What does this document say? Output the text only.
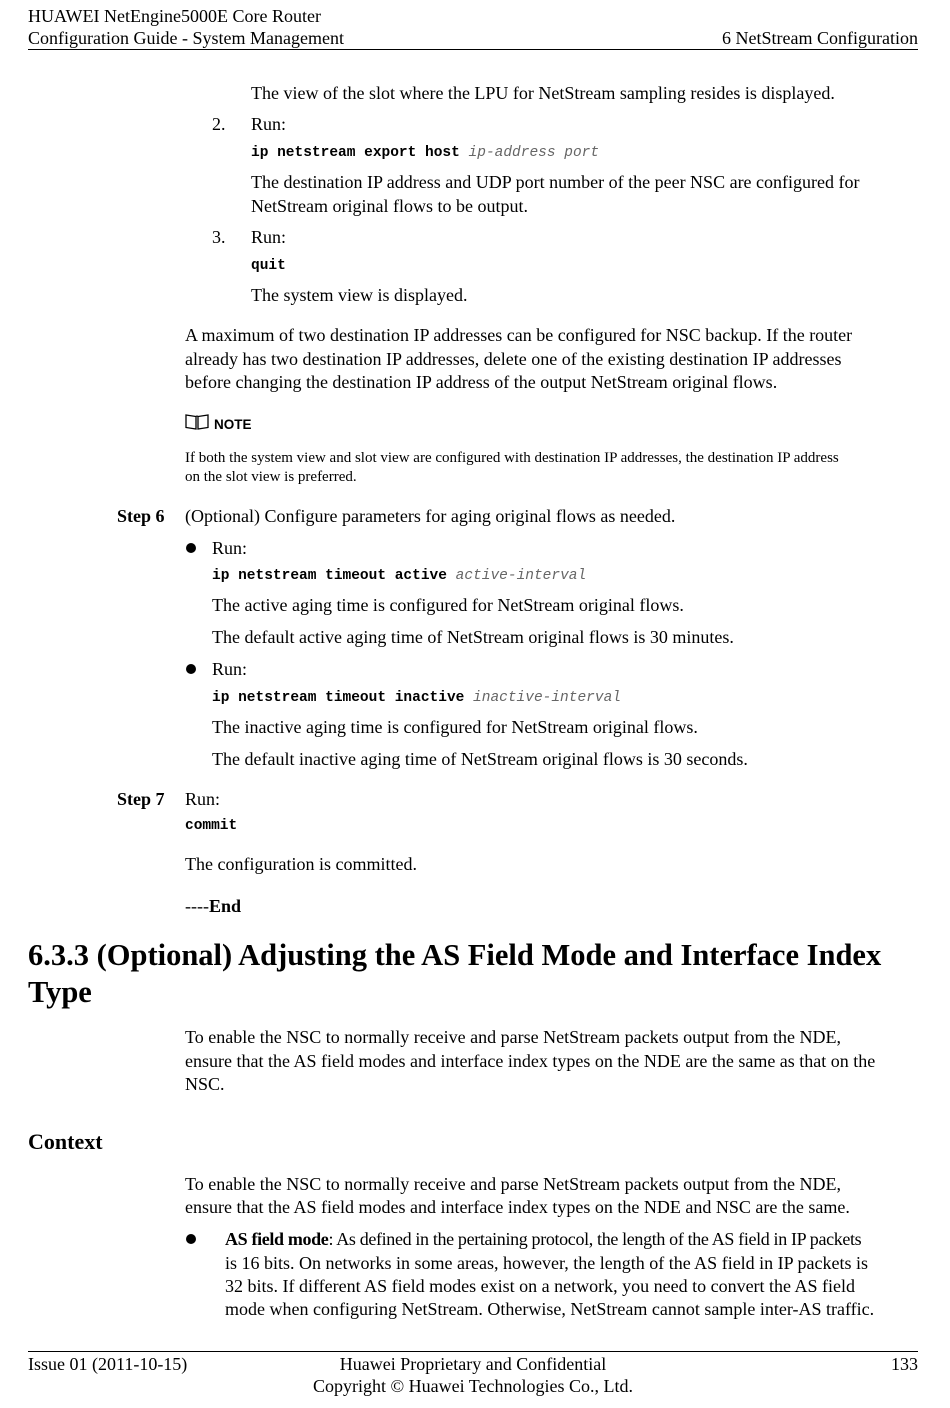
HUAWEI NetEngine5000E Core Router
Configuration Guide - System Management	6 NetStream Configuration
The view of the slot where the LPU for NetStream sampling resides is displayed.
2. Run:
ip netstream export host ip-address port
The destination IP address and UDP port number of the peer NSC are configured for
NetStream original flows to be output.
3. Run:
quit
The system view is displayed.
A maximum of two destination IP addresses can be configured for NSC backup. If the router
already has two destination IP addresses, delete one of the existing destination IP addresses
before changing the destination IP address of the output NetStream original flows.
NOTE
If both the system view and slot view are configured with destination IP addresses, the destination IP address
on the slot view is preferred.
Step 6 (Optional) Configure parameters for aging original flows as needed.
Run:
ip netstream timeout active active-interval
The active aging time is configured for NetStream original flows.
The default active aging time of NetStream original flows is 30 minutes.
Run:
ip netstream timeout inactive inactive-interval
The inactive aging time is configured for NetStream original flows.
The default inactive aging time of NetStream original flows is 30 seconds.
Step 7 Run:
commit
The configuration is committed.
----End
6.3.3 (Optional) Adjusting the AS Field Mode and Interface Index
Type
To enable the NSC to normally receive and parse NetStream packets output from the NDE,
ensure that the AS field modes and interface index types on the NDE are the same as that on the
NSC.
Context
To enable the NSC to normally receive and parse NetStream packets output from the NDE,
ensure that the AS field modes and interface index types on the NDE and NSC are the same.
AS field mode: As defined in the pertaining protocol, the length of the AS field in IP packets
is 16 bits. On networks in some areas, however, the length of the AS field in IP packets is
32 bits. If different AS field modes exist on a network, you need to convert the AS field
mode when configuring NetStream. Otherwise, NetStream cannot sample inter-AS traffic.
Issue 01 (2011-10-15)	Huawei Proprietary and Confidential
Copyright © Huawei Technologies Co., Ltd.
133
